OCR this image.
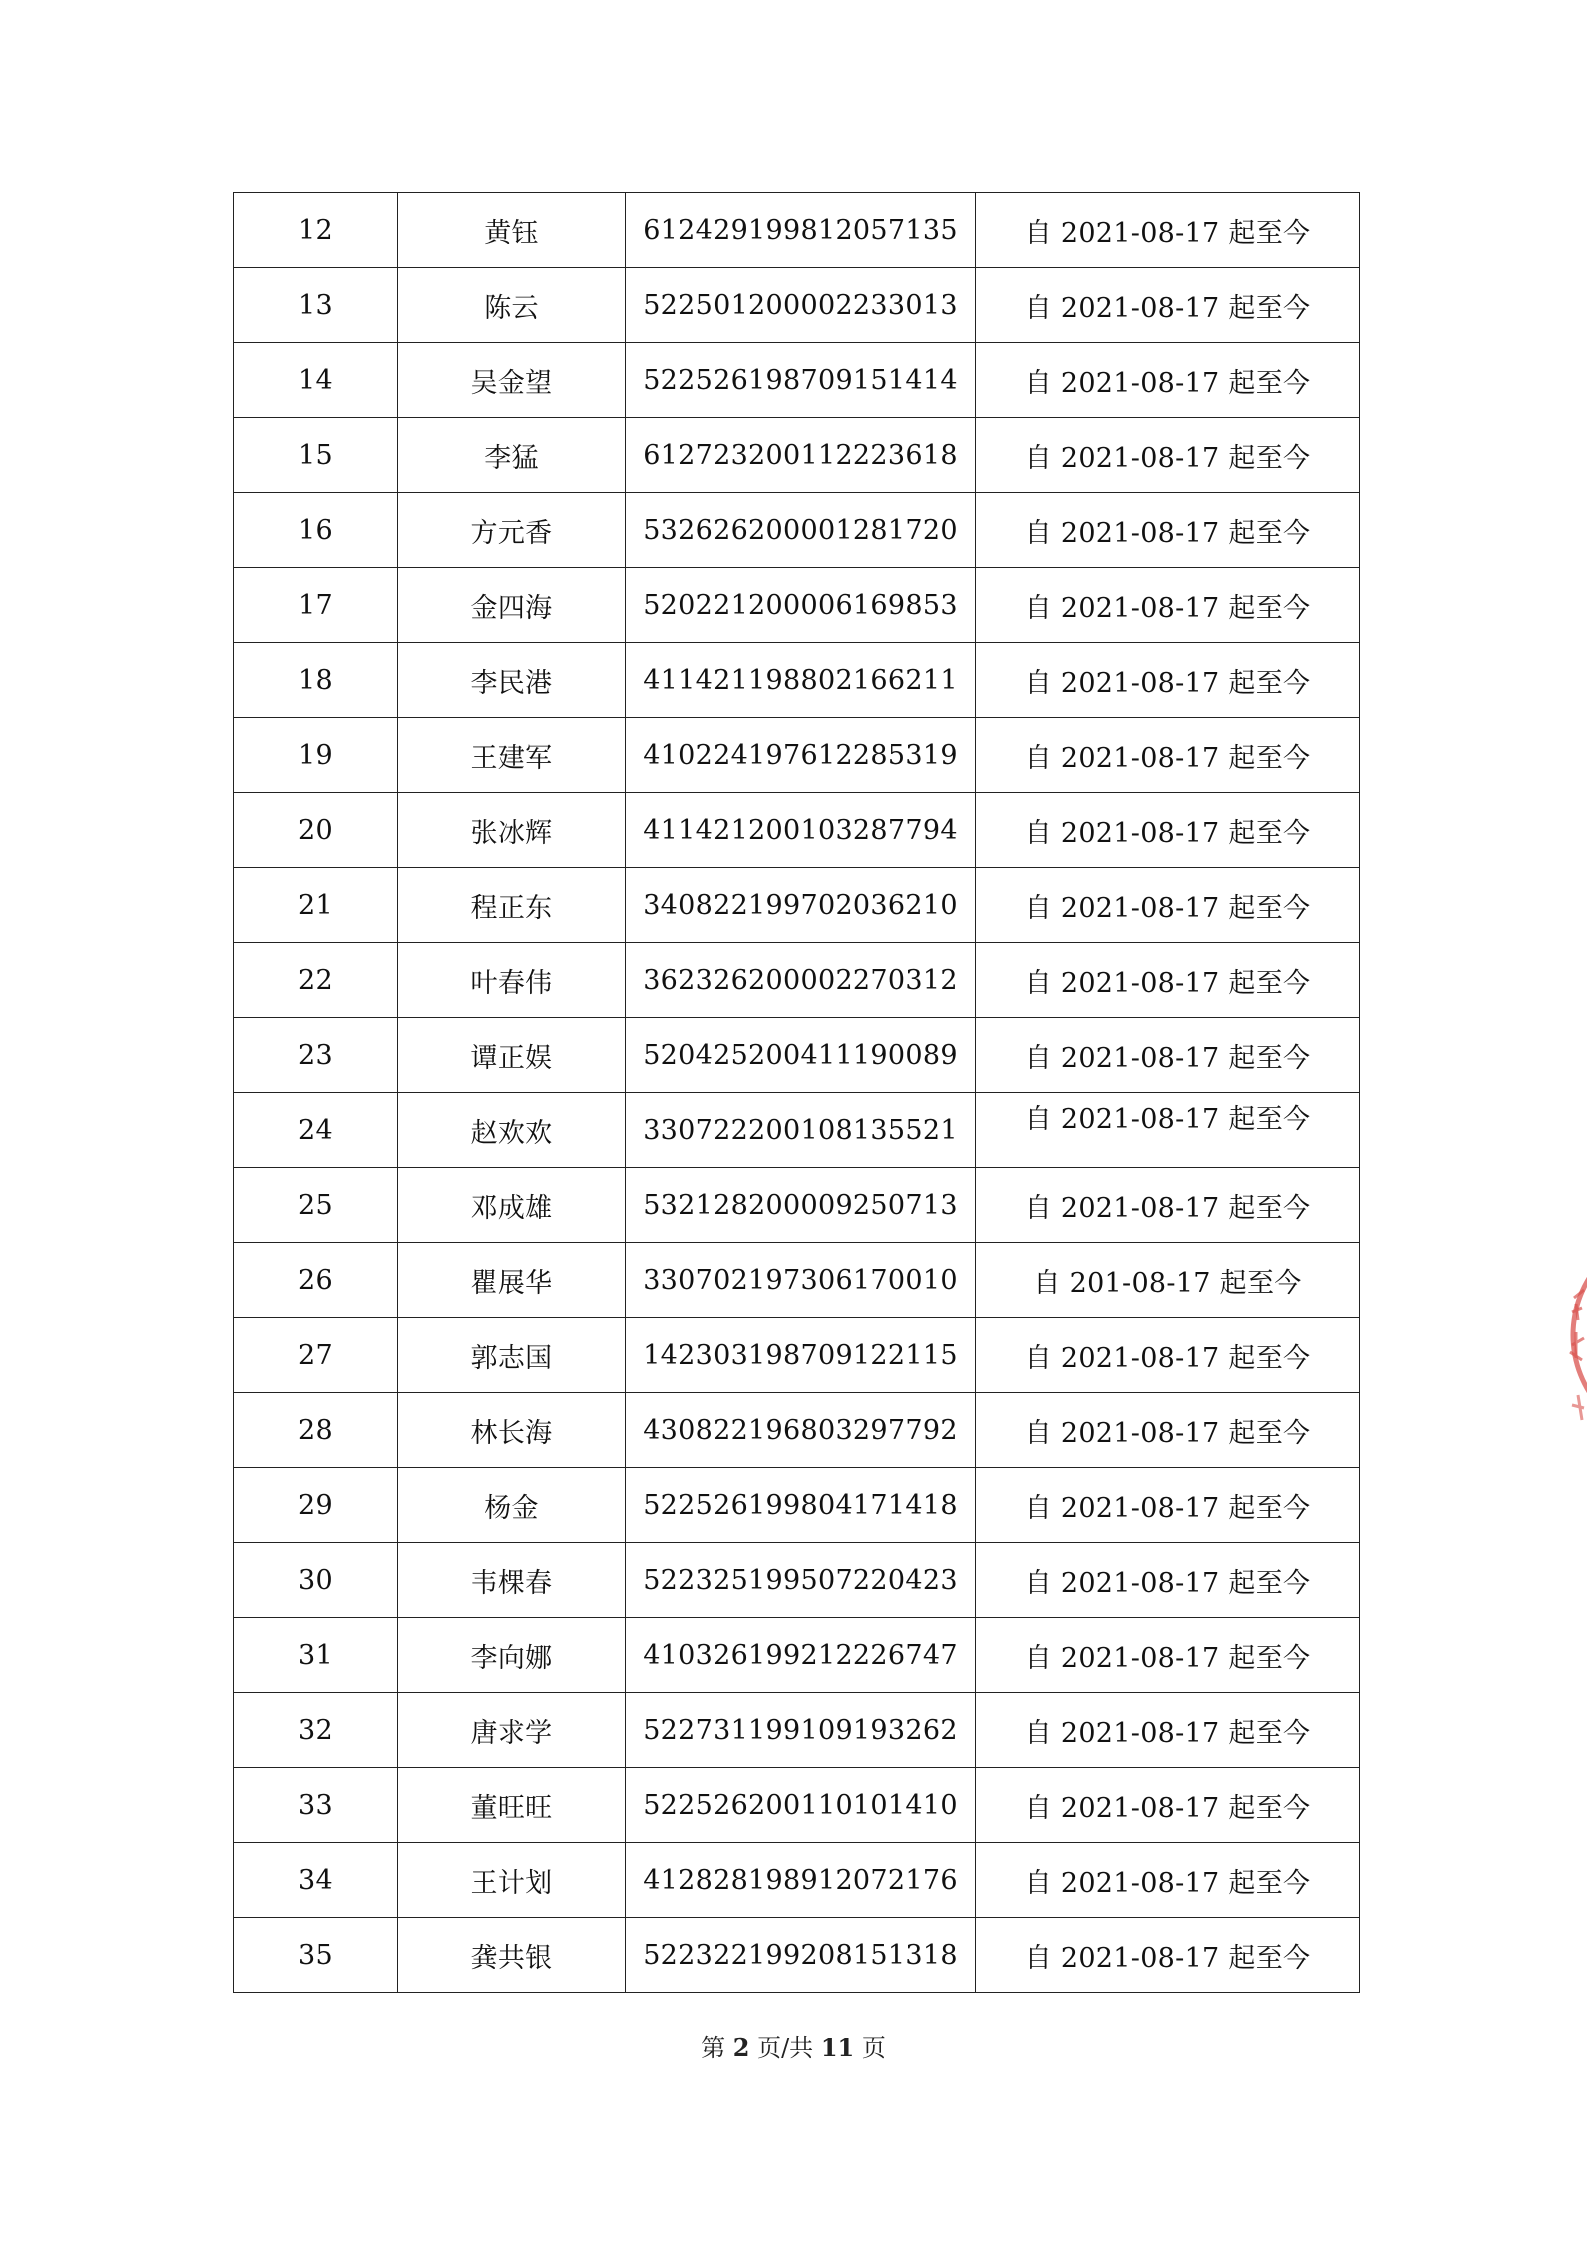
12	黄钰	612429199812057135	自 2021-08-17 起至今
13	陈云	522501200002233013	自 2021-08-17 起至今
14	吴金望	522526198709151414	自 2021-08-17 起至今
15	李猛	612723200112223618	自 2021-08-17 起至今
16	方元香	532626200001281720	自 2021-08-17 起至今
17	金四海	520221200006169853	自 2021-08-17 起至今
18	李民港	411421198802166211	自 2021-08-17 起至今
19	王建军	410224197612285319	自 2021-08-17 起至今
20	张冰辉	411421200103287794	自 2021-08-17 起至今
21	程正东	340822199702036210	自 2021-08-17 起至今
22	叶春伟	362326200002270312	自 2021-08-17 起至今
23	谭正娱	520425200411190089	自 2021-08-17 起至今
24	赵欢欢	330722200108135521	自 2021-08-17 起至今
25	邓成雄	532128200009250713	自 2021-08-17 起至今
26	瞿展华	330702197306170010	自 201-08-17 起至今
27	郭志国	142303198709122115	自 2021-08-17 起至今
28	林长海	430822196803297792	自 2021-08-17 起至今
29	杨金	522526199804171418	自 2021-08-17 起至今
30	韦棵春	522325199507220423	自 2021-08-17 起至今
31	李向娜	410326199212226747	自 2021-08-17 起至今
32	唐求学	522731199109193262	自 2021-08-17 起至今
33	董旺旺	522526200110101410	自 2021-08-17 起至今
34	王计划	412828198912072176	自 2021-08-17 起至今
35	龚共银	522322199208151318	自 2021-08-17 起至今
第 2 页/共 11 页
